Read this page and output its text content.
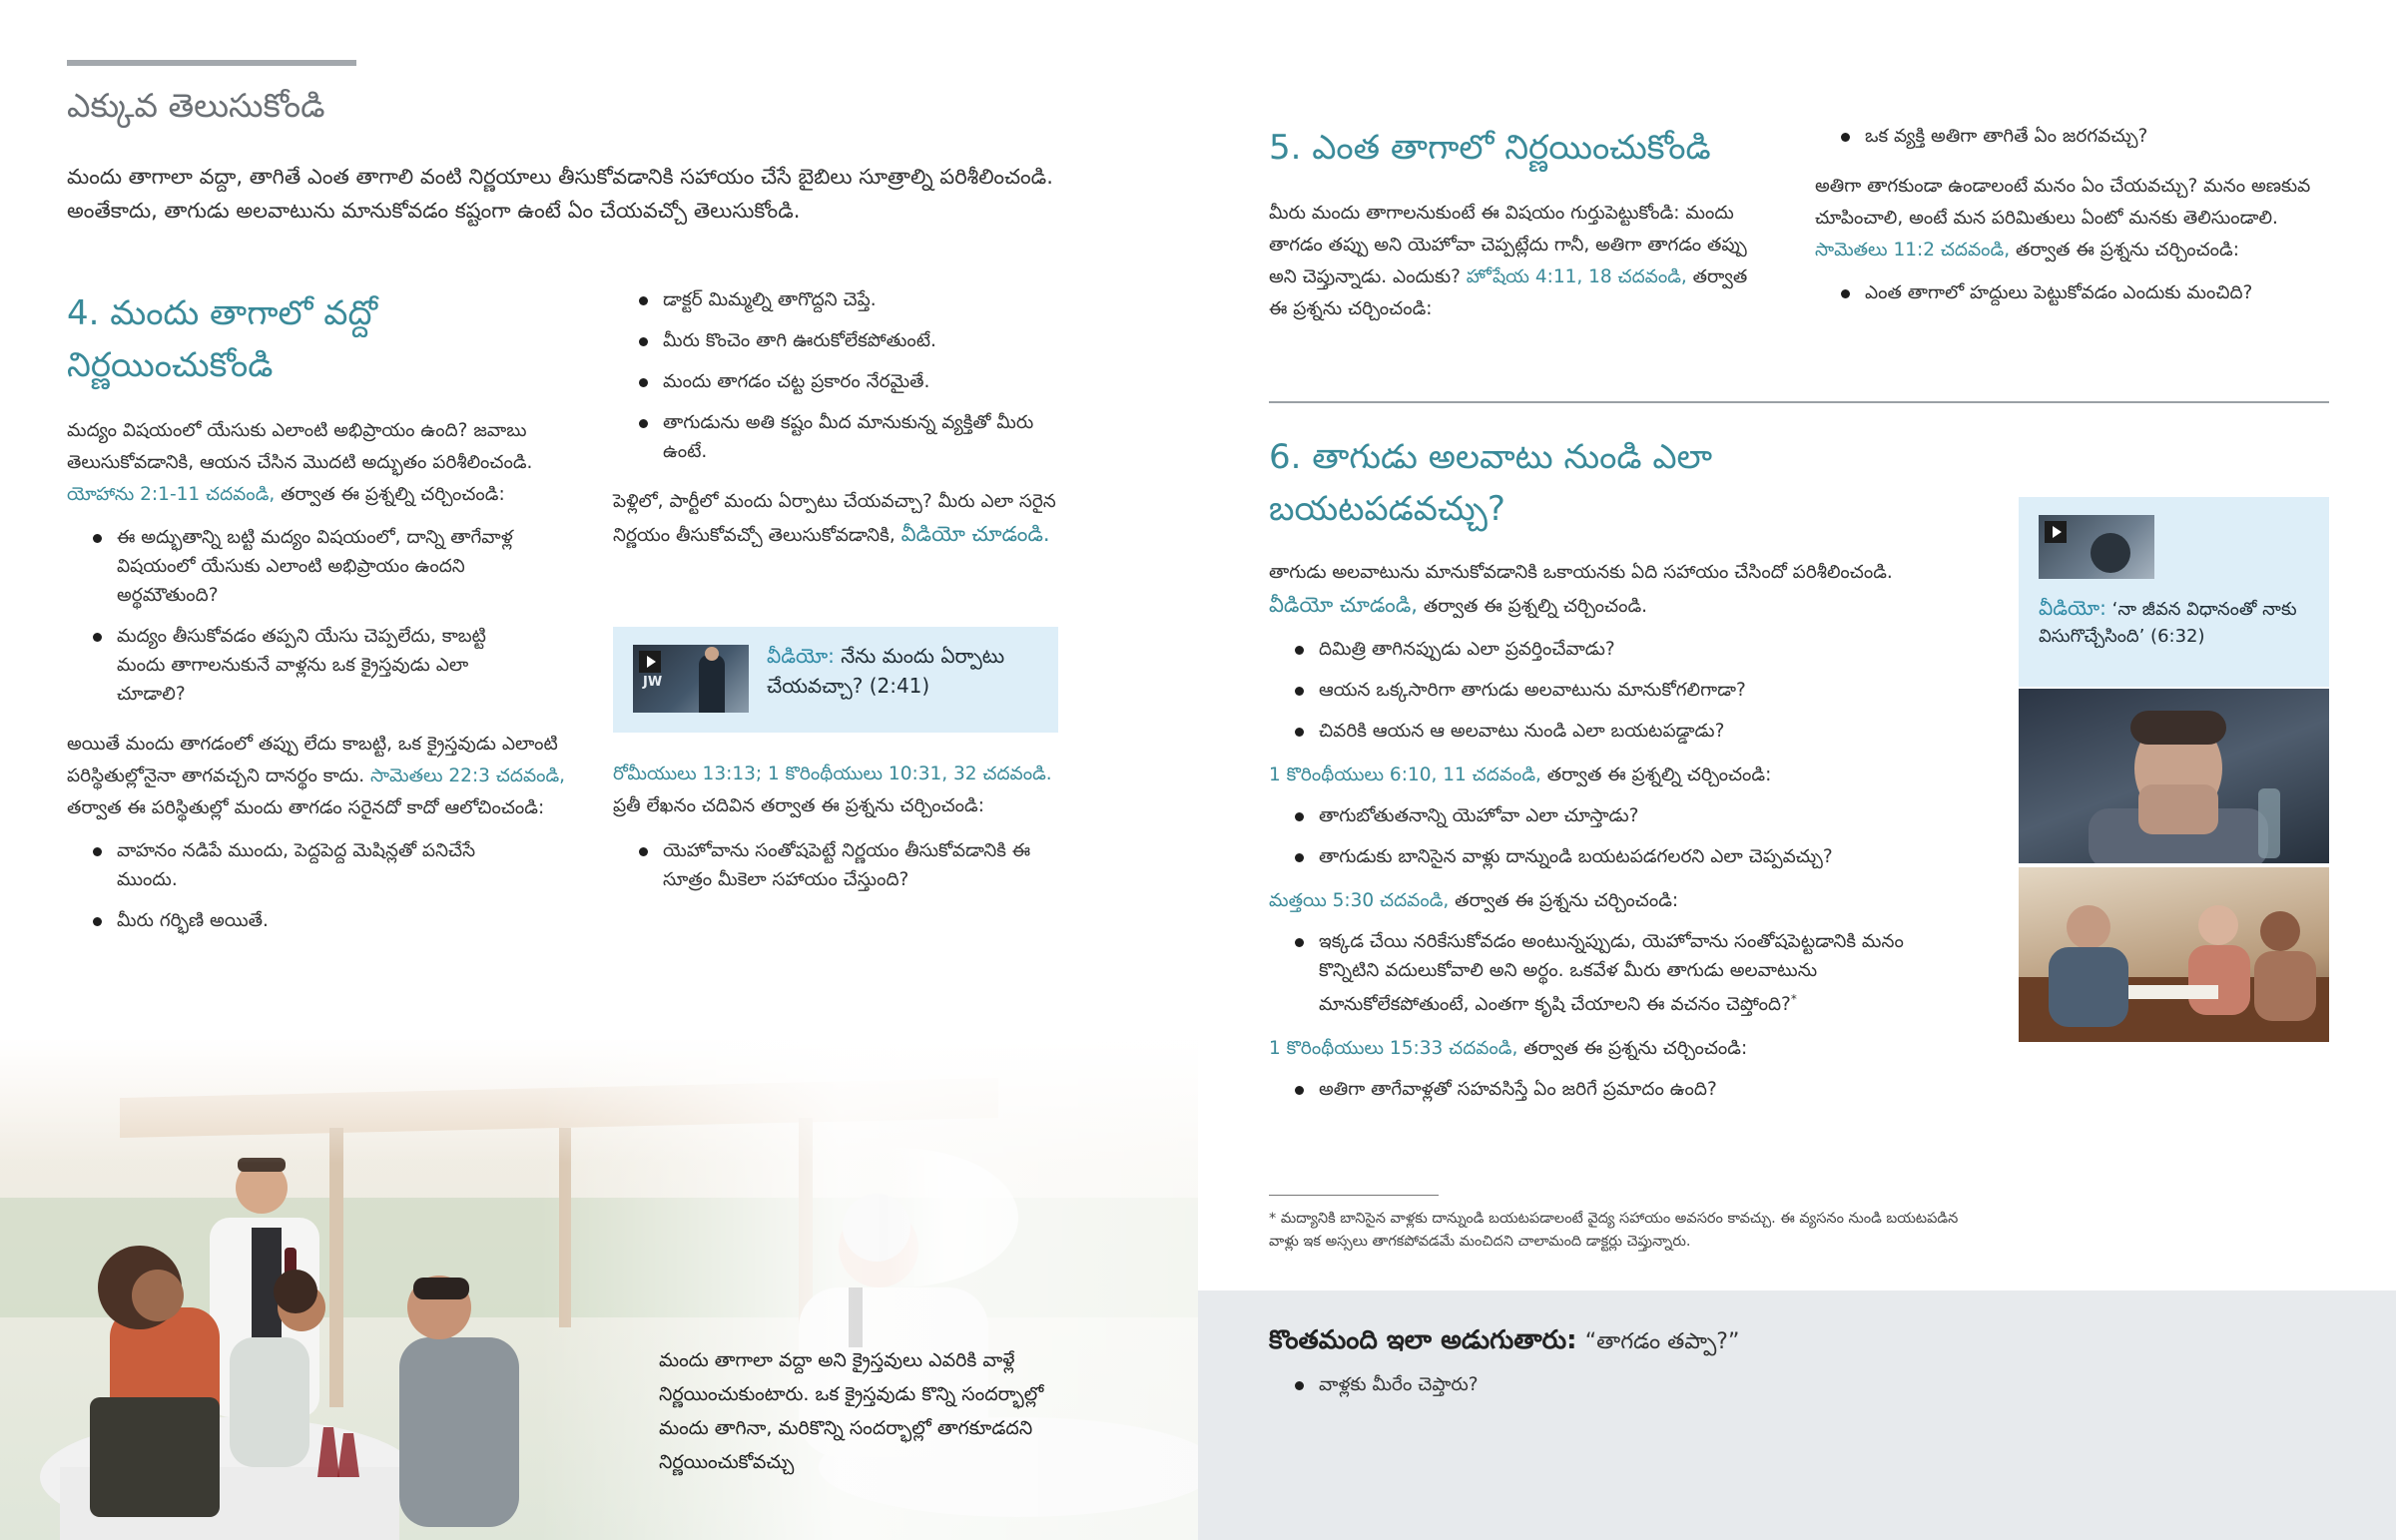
ఎక్కువ తెలుసుకోండి
మందు తాగాలా వద్దా, తాగితే ఎంత తాగాలి వంటి నిర్ణయాలు తీసుకోవడానికి సహాయం చేసే బైబిలు సూత్రాల్ని పరిశీలించండి. అంతేకాదు, తాగుడు అలవాటును మానుకోవడం కష్టంగా ఉంటే ఏం చేయవచ్చో తెలుసుకోండి.
4. మందు తాగాలో వద్దో నిర్ణయించుకోండి

మద్యం విషయంలో యేసుకు ఎలాంటి అభిప్రాయం ఉంది? జవాబు తెలుసుకోవడానికి, ఆయన చేసిన మొదటి అద్భుతం పరిశీలించండి. యోహాను 2:1-11 చదవండి, తర్వాత ఈ ప్రశ్నల్ని చర్చించండి:

ఈ అద్భుతాన్ని బట్టి మద్యం విషయంలో, దాన్ని తాగేవాళ్ల విషయంలో యేసుకు ఎలాంటి అభిప్రాయం ఉందని అర్థమౌతుంది?
మద్యం తీసుకోవడం తప్పని యేసు చెప్పలేదు, కాబట్టి మందు తాగాలనుకునే వాళ్లను ఒక క్రైస్తవుడు ఎలా చూడాలి?

అయితే మందు తాగడంలో తప్పు లేదు కాబట్టి, ఒక క్రైస్తవుడు ఎలాంటి పరిస్థితుల్లోనైనా తాగవచ్చని దానర్థం కాదు. సామెతలు 22:3 చదవండి, తర్వాత ఈ పరిస్థితుల్లో మందు తాగడం సరైనదో కాదో ఆలోచించండి:

వాహనం నడిపే ముందు, పెద్దపెద్ద మెషిన్లతో పనిచేసే ముందు.
మీరు గర్భిణి అయితే.
డాక్టర్ మిమ్మల్ని తాగొద్దని చెప్తే.
మీరు కొంచెం తాగి ఊరుకోలేకపోతుంటే.
మందు తాగడం చట్ట ప్రకారం నేరమైతే.
తాగుడును అతి కష్టం మీద మానుకున్న వ్యక్తితో మీరు ఉంటే.

పెళ్లిలో, పార్టీలో మందు ఏర్పాటు చేయవచ్చా? మీరు ఎలా సరైన నిర్ణయం తీసుకోవచ్చో తెలుసుకోవడానికి, వీడియో చూడండి.

JW
వీడియో: నేను మందు ఏర్పాటు చేయవచ్చా? (2:41)

రోమీయులు 13:13; 1 కొరింథీయులు 10:31, 32 చదవండి. ప్రతీ లేఖనం చదివిన తర్వాత ఈ ప్రశ్నను చర్చించండి:

యెహోవాను సంతోషపెట్టే నిర్ణయం తీసుకోవడానికి ఈ సూత్రం మీకెలా సహాయం చేస్తుంది?
మందు తాగాలా వద్దా అని క్రైస్తవులు ఎవరికి వాళ్లే నిర్ణయించుకుంటారు. ఒక క్రైస్తవుడు కొన్ని సందర్భాల్లో మందు తాగినా, మరికొన్ని సందర్భాల్లో తాగకూడదని నిర్ణయించుకోవచ్చు
5. ఎంత తాగాలో నిర్ణయించుకోండి

మీరు మందు తాగాలనుకుంటే ఈ విషయం గుర్తుపెట్టుకోండి: మందు తాగడం తప్పు అని యెహోవా చెప్పట్లేదు గానీ, అతిగా తాగడం తప్పు అని చెప్తున్నాడు. ఎందుకు? హోషేయ 4:11, 18 చదవండి, తర్వాత ఈ ప్రశ్నను చర్చించండి:

ఒక వ్యక్తి అతిగా తాగితే ఏం జరగవచ్చు?

అతిగా తాగకుండా ఉండాలంటే మనం ఏం చేయవచ్చు? మనం అణకువ చూపించాలి, అంటే మన పరిమితులు ఏంటో మనకు తెలిసుండాలి. సామెతలు 11:2 చదవండి, తర్వాత ఈ ప్రశ్నను చర్చించండి:

ఎంత తాగాలో హద్దులు పెట్టుకోవడం ఎందుకు మంచిది?
6. తాగుడు అలవాటు నుండి ఎలా బయటపడవచ్చు?

తాగుడు అలవాటును మానుకోవడానికి ఒకాయనకు ఏది సహాయం చేసిందో పరిశీలించండి. వీడియో చూడండి, తర్వాత ఈ ప్రశ్నల్ని చర్చించండి.

దిమిత్రి తాగినప్పుడు ఎలా ప్రవర్తించేవాడు?
ఆయన ఒక్కసారిగా తాగుడు అలవాటును మానుకోగలిగాడా?
చివరికి ఆయన ఆ అలవాటు నుండి ఎలా బయటపడ్డాడు?

1 కొరింథీయులు 6:10, 11 చదవండి, తర్వాత ఈ ప్రశ్నల్ని చర్చించండి:

తాగుబోతుతనాన్ని యెహోవా ఎలా చూస్తాడు?
తాగుడుకు బానిసైన వాళ్లు దాన్నుండి బయటపడగలరని ఎలా చెప్పవచ్చు?

మత్తయి 5:30 చదవండి, తర్వాత ఈ ప్రశ్నను చర్చించండి:

ఇక్కడ చేయి నరికేసుకోవడం అంటున్నప్పుడు, యెహోవాను సంతోషపెట్టడానికి మనం కొన్నిటిని వదులుకోవాలి అని అర్థం. ఒకవేళ మీరు తాగుడు అలవాటును మానుకోలేకపోతుంటే, ఎంతగా కృషి చేయాలని ఈ వచనం చెప్తోంది?*

1 కొరింథీయులు 15:33 చదవండి, తర్వాత ఈ ప్రశ్నను చర్చించండి:

అతిగా తాగేవాళ్లతో సహవసిస్తే ఏం జరిగే ప్రమాదం ఉంది?
* మద్యానికి బానిసైన వాళ్లకు దాన్నుండి బయటపడాలంటే వైద్య సహాయం అవసరం కావచ్చు. ఈ వ్యసనం నుండి బయటపడిన వాళ్లు ఇక అస్సలు తాగకపోవడమే మంచిదని చాలామంది డాక్టర్లు చెప్తున్నారు.
వీడియో: ‘నా జీవన విధానంతో నాకు విసుగొచ్చేసింది’ (6:32)
కొంతమంది ఇలా అడుగుతారు: “తాగడం తప్పా?”
వాళ్లకు మీరేం చెప్తారు?
